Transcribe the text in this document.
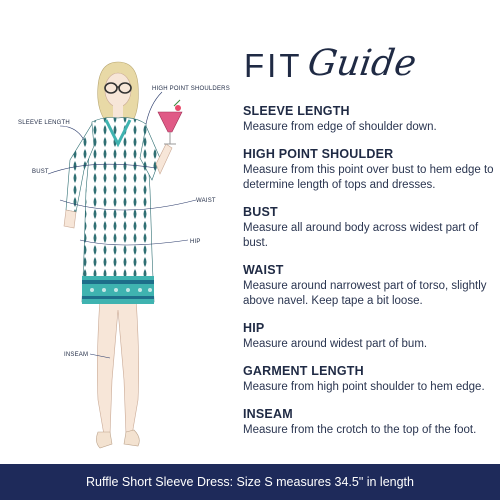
HIGH POINT SHOULDERS
SLEEVE LENGTH
BUST
WAIST
HIP
INSEAM
FIT Guide
SLEEVE LENGTH
Measure from edge of shoulder down.
HIGH POINT SHOULDER
Measure from this point over bust to hem edge to determine length of tops and dresses.
BUST
Measure all around body across widest part of bust.
WAIST
Measure around narrowest part of torso, slightly above navel. Keep tape a bit loose.
HIP
Measure around widest part of bum.
GARMENT LENGTH
Measure from high point shoulder to hem edge.
INSEAM
Measure from the crotch to the top of the foot.
Ruffle Short Sleeve Dress: Size S measures 34.5" in length
